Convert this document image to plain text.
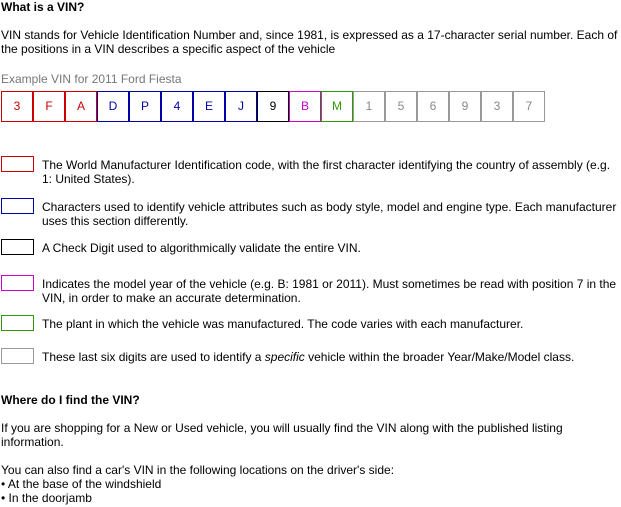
What is a VIN?
VIN stands for Vehicle Identification Number and, since 1981, is expressed as a 17-character serial number. Each of the positions in a VIN describes a specific aspect of the vehicle
Example VIN for 2011 Ford Fiesta
3	F	A	D	P	4	E	J	9	B	M	1	5	6	9	3	7
The World Manufacturer Identification code, with the first character identifying the country of assembly (e.g. 1: United States).
Characters used to identify vehicle attributes such as body style, model and engine type. Each manufacturer uses this section differently.
A Check Digit used to algorithmically validate the entire VIN.
Indicates the model year of the vehicle (e.g. B: 1981 or 2011). Must sometimes be read with position 7 in the VIN, in order to make an accurate determination.
The plant in which the vehicle was manufactured. The code varies with each manufacturer.
These last six digits are used to identify a specific vehicle within the broader Year/Make/Model class.
Where do I find the VIN?
If you are shopping for a New or Used vehicle, you will usually find the VIN along with the published listing information.
You can also find a car's VIN in the following locations on the driver's side:
• At the base of the windshield
• In the doorjamb
